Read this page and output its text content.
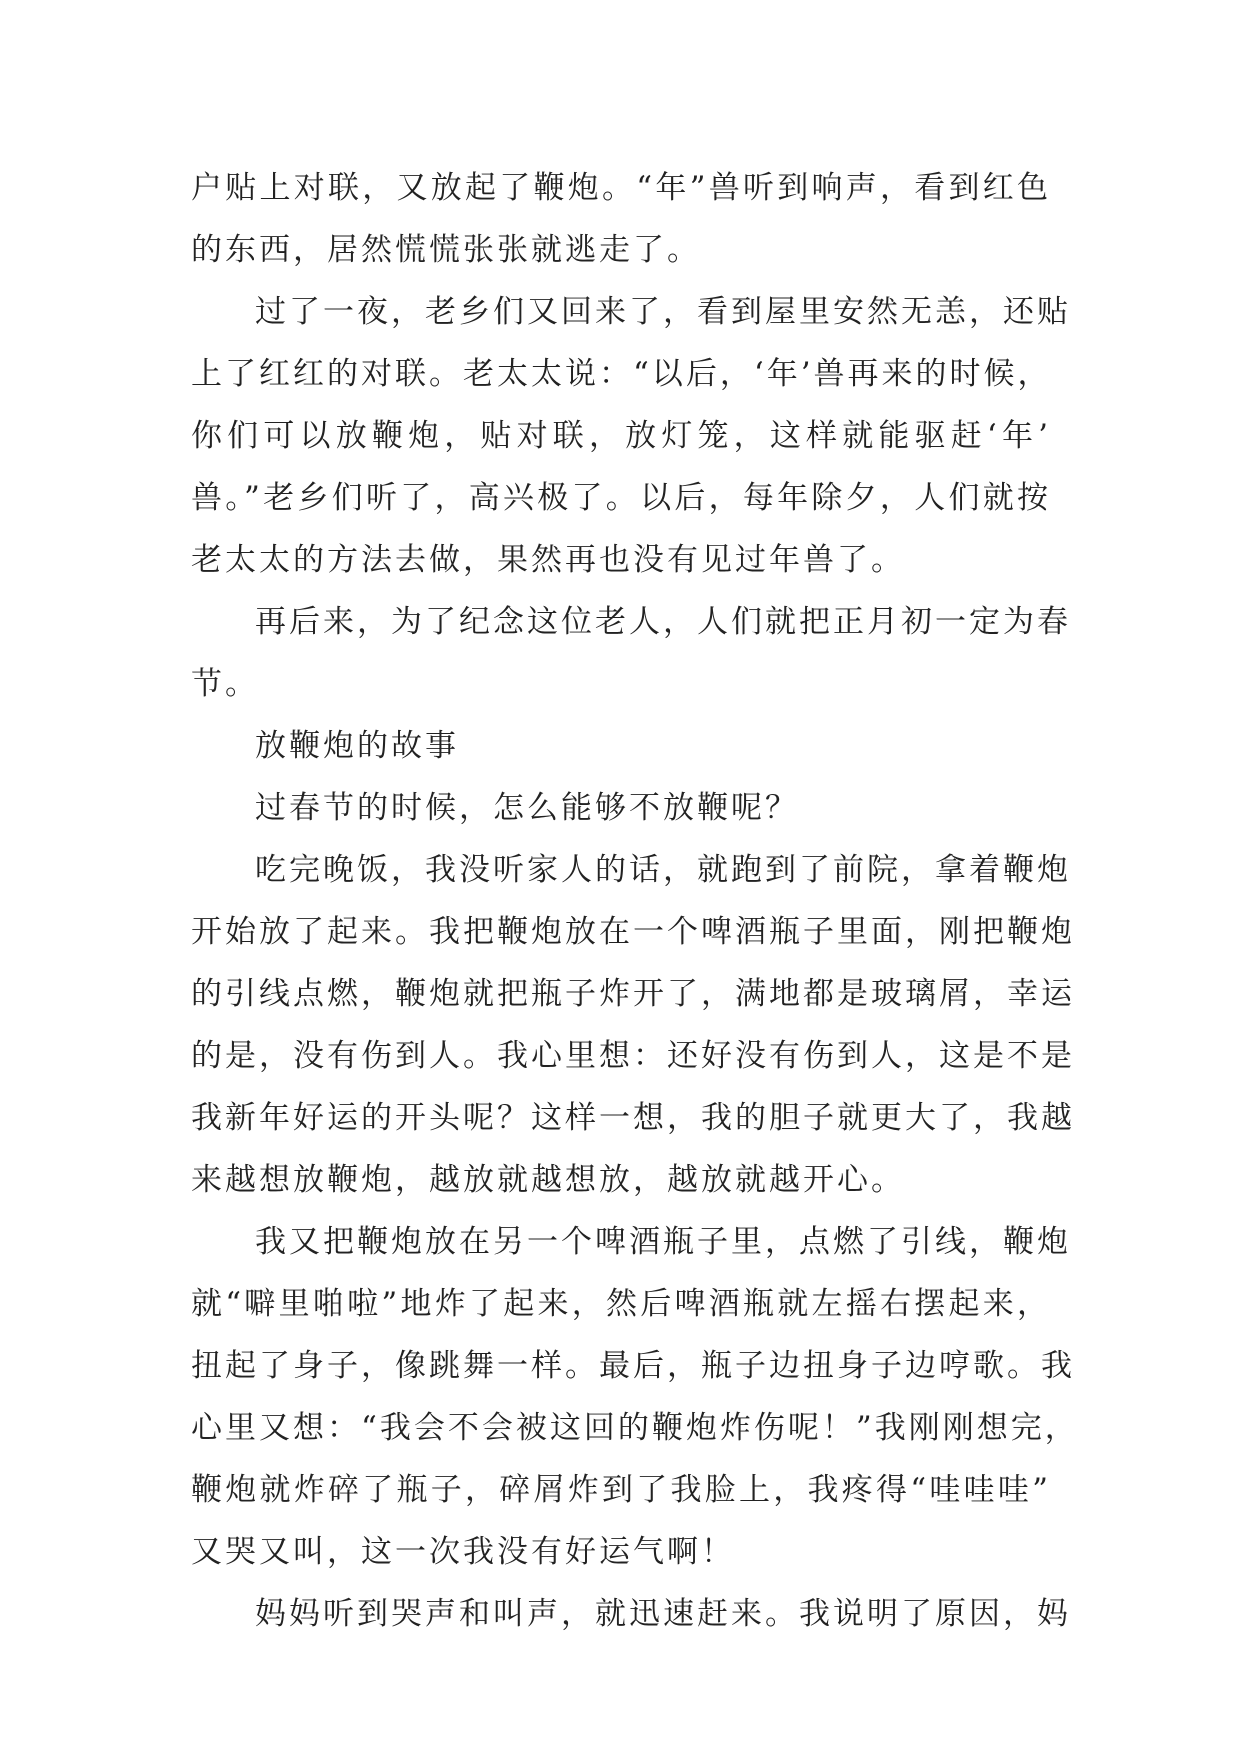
户贴上对联，又放起了鞭炮。“年”兽听到响声，看到红色
的东西，居然慌慌张张就逃走了。
过了一夜，老乡们又回来了，看到屋里安然无恙，还贴
上了红红的对联。老太太说：“以后，‘年’兽再来的时候，
你们可以放鞭炮，贴对联，放灯笼，这样就能驱赶‘年’
兽。”老乡们听了，高兴极了。以后，每年除夕，人们就按
老太太的方法去做，果然再也没有见过年兽了。
再后来，为了纪念这位老人，人们就把正月初一定为春
节。
放鞭炮的故事
过春节的时候，怎么能够不放鞭呢？
吃完晚饭，我没听家人的话，就跑到了前院，拿着鞭炮
开始放了起来。我把鞭炮放在一个啤酒瓶子里面，刚把鞭炮
的引线点燃，鞭炮就把瓶子炸开了，满地都是玻璃屑，幸运
的是，没有伤到人。我心里想：还好没有伤到人，这是不是
我新年好运的开头呢？这样一想，我的胆子就更大了，我越
来越想放鞭炮，越放就越想放，越放就越开心。
我又把鞭炮放在另一个啤酒瓶子里，点燃了引线，鞭炮
就“噼里啪啦”地炸了起来，然后啤酒瓶就左摇右摆起来，
扭起了身子，像跳舞一样。最后，瓶子边扭身子边哼歌。我
心里又想：“我会不会被这回的鞭炮炸伤呢！”我刚刚想完，
鞭炮就炸碎了瓶子，碎屑炸到了我脸上，我疼得“哇哇哇”
又哭又叫，这一次我没有好运气啊！
妈妈听到哭声和叫声，就迅速赶来。我说明了原因，妈
